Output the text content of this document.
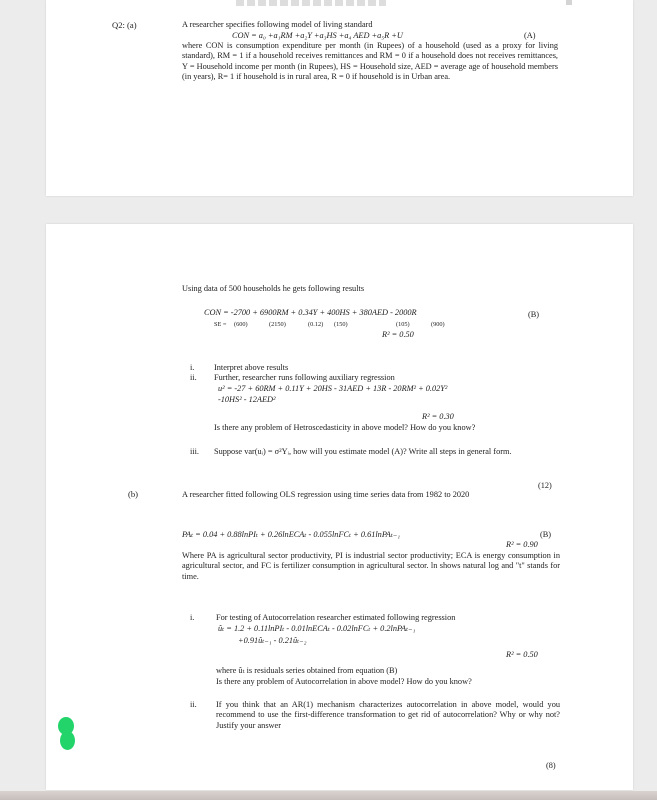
Q2: (a)	A researcher specifies following model of living standard
CON = a₀ +a₁RM +a₂Y +a₃HS +a₄ AED +a₅R +U	(A)
where CON is consumption expenditure per month (in Rupees) of a household (used as a proxy for living standard), RM = 1 if a household receives remittances and RM = 0 if a household does not receives remittances, Y = Household income per month (in Rupees), HS = Household size, AED = average age of household members (in years), R= 1 if household is in rural area, R = 0 if household is in Urban area.
Using data of 500 households he gets following results
CON = -2700 + 6900RM + 0.34Y + 400HS + 380AED - 2000R	(B)
SE = (600)	(2150)	(0.12) (150)	(105)	(900)
R² = 0.50
i. Interpret above results
ii. Further, researcher runs following auxiliary regression
u² = -27 + 60RM + 0.11Y + 20HS - 31AED + 13R - 20RM² + 0.02Y²
-10HS² - 12AED²
R² = 0.30
Is there any problem of Hetroscedasticity in above model? How do you know?
iii. Suppose var(uᵢ) = σ²Yᵢ, how will you estimate model (A)? Write all steps in general form.
(12)
(b)	A researcher fitted following OLS regression using time series data from 1982 to 2020
PAₜ = 0.04 + 0.88lnPIₜ + 0.26lnECAₜ - 0.055lnFCₜ + 0.61lnPAₜ₋₁	(B)
R² = 0.90
Where PA is agricultural sector productivity, PI is industrial sector productivity; ECA is energy consumption in agricultural sector, and FC is fertilizer consumption in agricultural sector. ln shows natural log and "t" stands for time.
i.	For testing of Autocorrelation researcher estimated following regression
ûₜ = 1.2 + 0.11lnPIₜ - 0.01lnECAₜ - 0.02lnFCₜ + 0.2lnPAₜ₋₁
+0.91ûₜ₋₁ - 0.21ûₜ₋₂
R² = 0.50
where ûₜ is residuals series obtained from equation (B)
Is there any problem of Autocorrelation in above model? How do you know?
ii. If you think that an AR(1) mechanism characterizes autocorrelation in above model, would you recommend to use the first-difference transformation to get rid of autocorrelation? Why or why not? Justify your answer
(8)
